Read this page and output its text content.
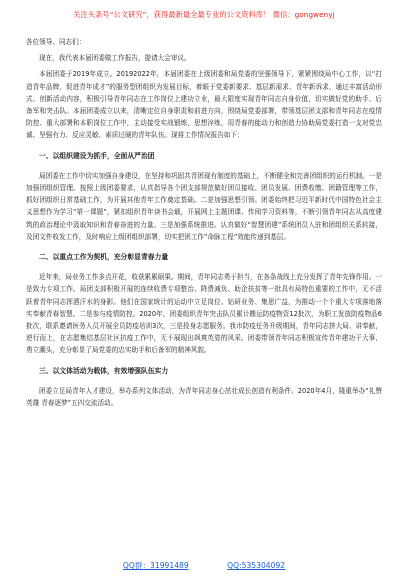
关注头条号“公文研究”，获得最新最全最专业的公文资料库！ 微信：gongwenyj

各位领导、同志们：

现在，我代表本届团委做工作报告，提请大会审议。

本届团委于2019年成立。20192022年，本届团委在上级团委和局党委的坚强领导下，紧紧围绕局中心工作，以“打造青年品牌，促进青年成才”的服务型团组织为发展目标，着眼于党委新要求、基层新需求、青年新诉求，通过丰富活动形式、创新活动内容，积极引导青年同志在工作岗位上建功立业，最大限度实现青年同志自身价值，切实做好党的助手、后备军和突击队。本届团委成立以来，清晰定位自身职责和前进方向，围绕局党委部署，带领基层团支部和青年同志在疫情防控、重大部署和本职岗位工作中，主动接受实战锻炼，思想淬炼，用青春的能动力和创造力协助局党委打造一支对党忠诚、坚强有力、反应灵敏、素质过硬的青年队伍。现将工作情况报告如下：

一、以组织建设为抓手，全面从严治团

局团委在工作中切实加强自身建设，在坚持和巩固共青团现有制度的基础上，不断健全和完善团组织的运行机制。一是加强团组织管理。按照上级团委要求，认真指导各个团支部规范做好团员接收、团员发展、团费收缴、团籍管理等工作，抓好团组织日常基础工作，为开展其他青年工作奠定基础。二是加强思想引领。团委始终把习近平新时代中国特色社会主义思想作为学习“第一课题”，紧扣组织青年读书会载，开展网上主题团课、传阅学习资料等，不断引领青年同志从高度建筑的政治理论中汲取知识和青春奋进的力量。三是加强系统推进。认真做好“智慧团建”系统团员入驻和团组织关系转接，及团文件收发工作，及时响应上级团组织部署，切实把团工作“命脉工程”效能传递到基层。

二、以重点工作为契机，充分彰显青春力量

近年来，局业务工作多点开花，收获累累硕果。期间，青年同志勇于担当，在各条战线上充分发挥了青年先锋作用。一是致力专项工作。局团支部积极开展的连续收费专项整治、降费减负、助企扶贫等一批具有局特色重要的工作中，无不活跃着青年同志挥洒汗水的身影。他们在国家统计的运动中立足岗位、钻研业务、集思广益，为推动一个个重大专项落地落实奉献青春智慧。二是参与疫情防控。2020年，团委组织青年突击队员累计搬运防疫物资12批次，为职工发放防疫物品6批次，联系邀请医务人员开展全员防疫培训3次，三是投身志愿服务。我市防疫任务升级期间，青年同志挤大局、讲奉献，逆行而上，在志愿集结基层社区抗疫工作中，无不展现出飒爽英姿的风采。团委带领青年同志积极宣传青年建功干大事，勇立潮头，充分彰显了局党委的忠实助手和后备军的精神风貌。

三、以文体活动为载体，有效增强队伍实力

团委立足局青年人才建设，举办系列文体活动，为青年同志身心茁壮成长创造有利条件。2020年4月，隆重举办“礼赞英雄 青春逐梦”五四交流活动。

QQ群：31991489	QQ:535304092
